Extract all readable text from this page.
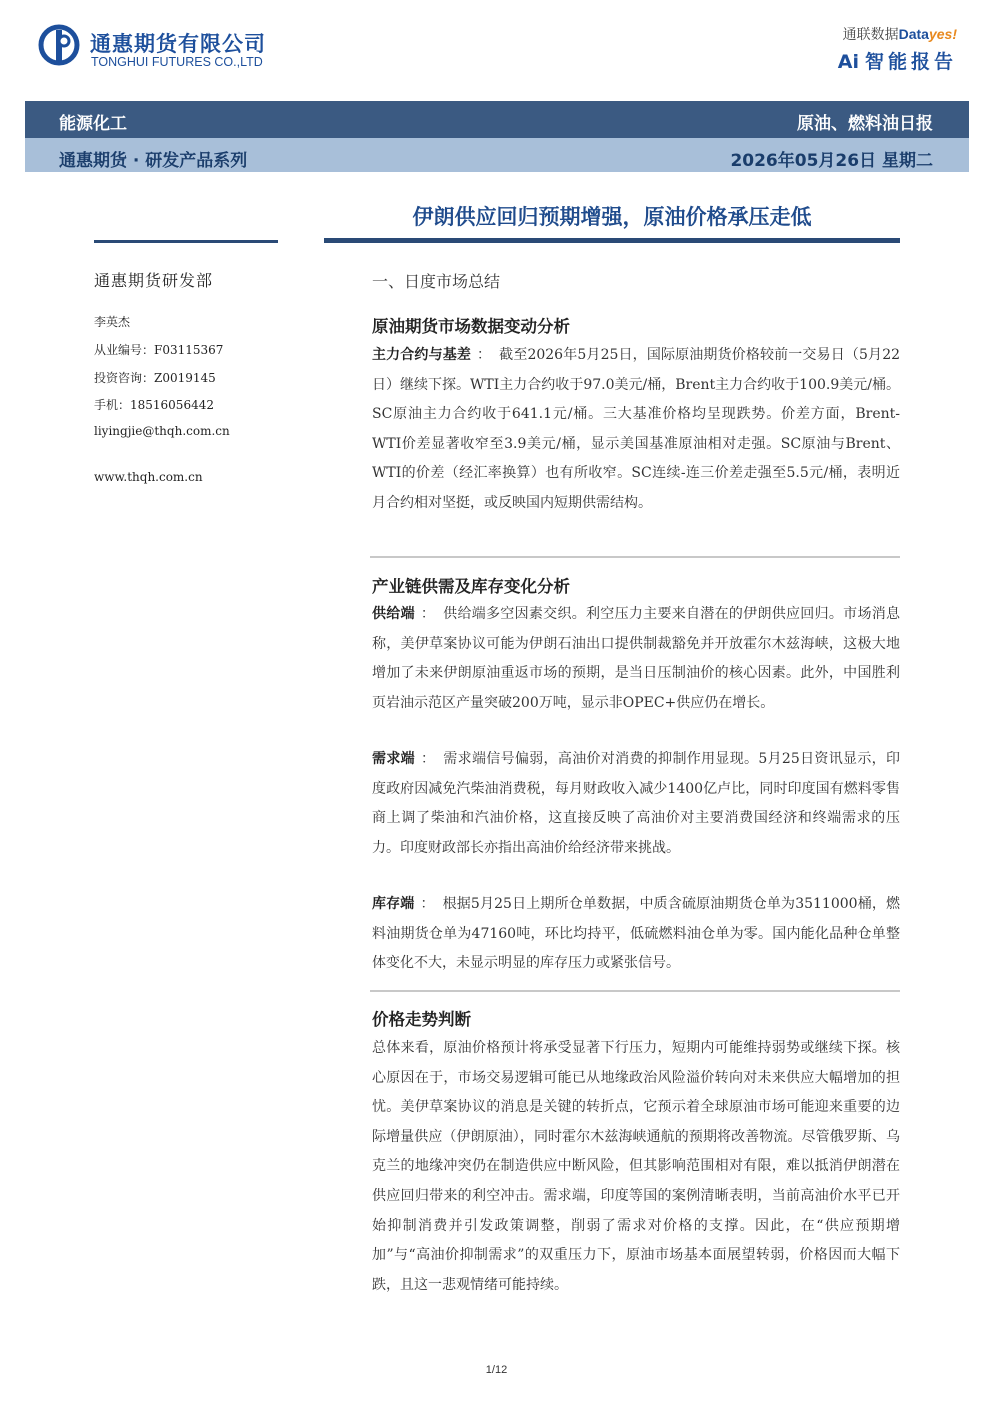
通惠期货有限公司
TONGHUI FUTURES CO.,LTD
通联数据Datayes!
Ai 智能报告
能源化工	原油、燃料油日报
通惠期货 · 研发产品系列	2026年05月26日 星期二
伊朗供应回归预期增强，原油价格承压走低
通惠期货研发部
李英杰
从业编号：F03115367
投资咨询：Z0019145
手机：18516056442
liyingjie@thqh.com.cn
www.thqh.com.cn
一、日度市场总结
原油期货市场数据变动分析
主力合约与基差 ： 截至2026年5月25日，国际原油期货价格较前一交易日（5月22日）继续下探。WTI主力合约收于97.0美元/桶，Brent主力合约收于100.9美元/桶。SC原油主力合约收于641.1元/桶。三大基准价格均呈现跌势。价差方面，Brent-WTI价差显著收窄至3.9美元/桶，显示美国基准原油相对走强。SC原油与Brent、WTI的价差（经汇率换算）也有所收窄。SC连续-连三价差走强至5.5元/桶，表明近月合约相对坚挺，或反映国内短期供需结构。
产业链供需及库存变化分析
供给端 ： 供给端多空因素交织。利空压力主要来自潜在的伊朗供应回归。市场消息称，美伊草案协议可能为伊朗石油出口提供制裁豁免并开放霍尔木兹海峡，这极大地增加了未来伊朗原油重返市场的预期，是当日压制油价的核心因素。此外，中国胜利页岩油示范区产量突破200万吨，显示非OPEC+供应仍在增长。
需求端 ： 需求端信号偏弱，高油价对消费的抑制作用显现。5月25日资讯显示，印度政府因减免汽柴油消费税，每月财政收入减少1400亿卢比，同时印度国有燃料零售商上调了柴油和汽油价格，这直接反映了高油价对主要消费国经济和终端需求的压力。印度财政部长亦指出高油价给经济带来挑战。
库存端 ： 根据5月25日上期所仓单数据，中质含硫原油期货仓单为3511000桶，燃料油期货仓单为47160吨，环比均持平，低硫燃料油仓单为零。国内能化品种仓单整体变化不大，未显示明显的库存压力或紧张信号。
价格走势判断
总体来看，原油价格预计将承受显著下行压力，短期内可能维持弱势或继续下探。核心原因在于，市场交易逻辑可能已从地缘政治风险溢价转向对未来供应大幅增加的担忧。美伊草案协议的消息是关键的转折点，它预示着全球原油市场可能迎来重要的边际增量供应（伊朗原油），同时霍尔木兹海峡通航的预期将改善物流。尽管俄罗斯、乌克兰的地缘冲突仍在制造供应中断风险，但其影响范围相对有限，难以抵消伊朗潜在供应回归带来的利空冲击。需求端，印度等国的案例清晰表明，当前高油价水平已开始抑制消费并引发政策调整，削弱了需求对价格的支撑。因此，在“供应预期增加”与“高油价抑制需求”的双重压力下，原油市场基本面展望转弱，价格因而大幅下跌，且这一悲观情绪可能持续。
1/12
